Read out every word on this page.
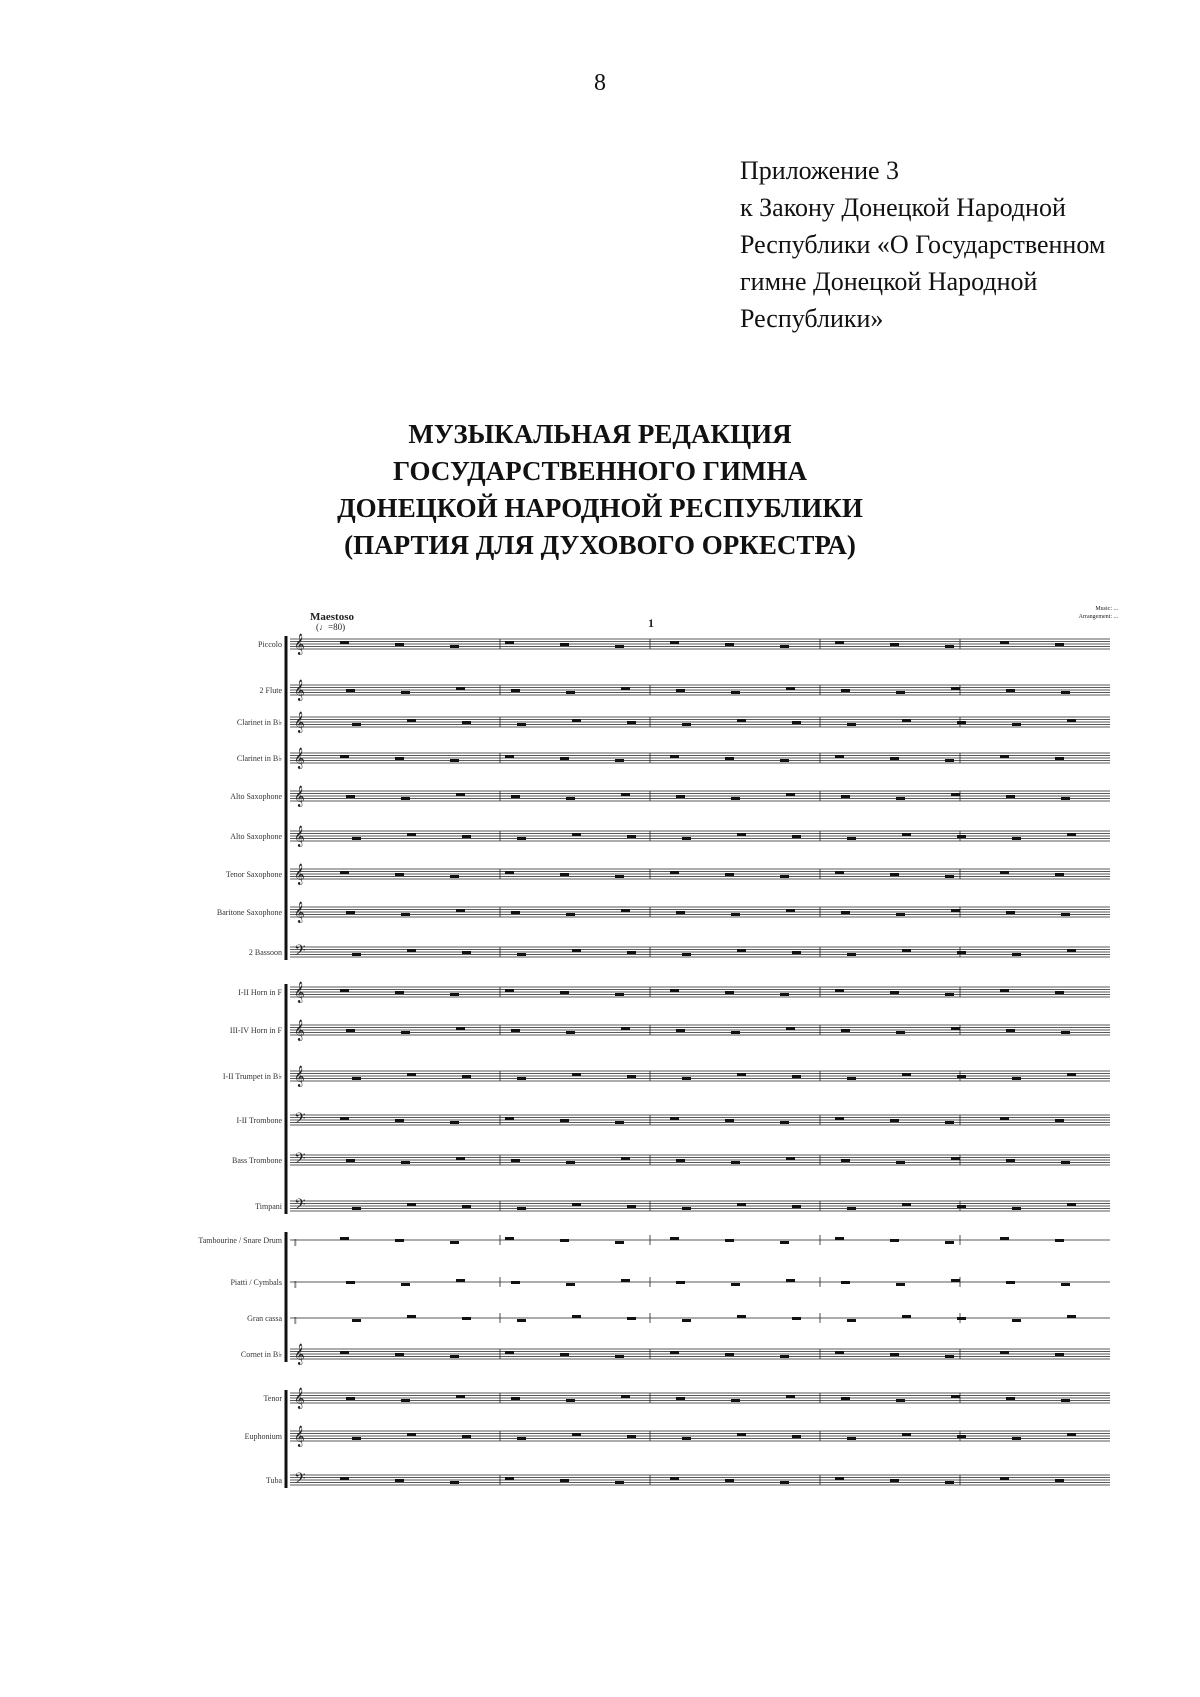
8
Приложение 3
к Закону Донецкой Народной
Республики «О Государственном
гимне Донецкой Народной
Республики»
МУЗЫКАЛЬНАЯ РЕДАКЦИЯ
ГОСУДАРСТВЕННОГО ГИМНА
ДОНЕЦКОЙ НАРОДНОЙ РЕСПУБЛИКИ
(ПАРТИЯ ДЛЯ ДУХОВОГО ОРКЕСТРА)
Maestoso
(♩=80)	1
Music: ...
Arrangement: ...
Piccolo 𝄞
2 Flute 𝄞
Clarinet in B♭ 𝄞
Clarinet in B♭ 𝄞
Alto Saxophone 𝄞
Alto Saxophone 𝄞
Tenor Saxophone 𝄞
Baritone Saxophone 𝄞
2 Bassoon 𝄢
I-II Horn in F 𝄞
III-IV Horn in F 𝄞
I-II Trumpet in B♭ 𝄞
I-II Trombone 𝄢
Bass Trombone 𝄢
Timpani 𝄢
Tambourine / Snare Drum ‖
Piatti / Cymbals ‖
Gran cassa ‖
Cornet in B♭ 𝄞
Tenor 𝄞
Euphonium 𝄞
Tuba 𝄢
